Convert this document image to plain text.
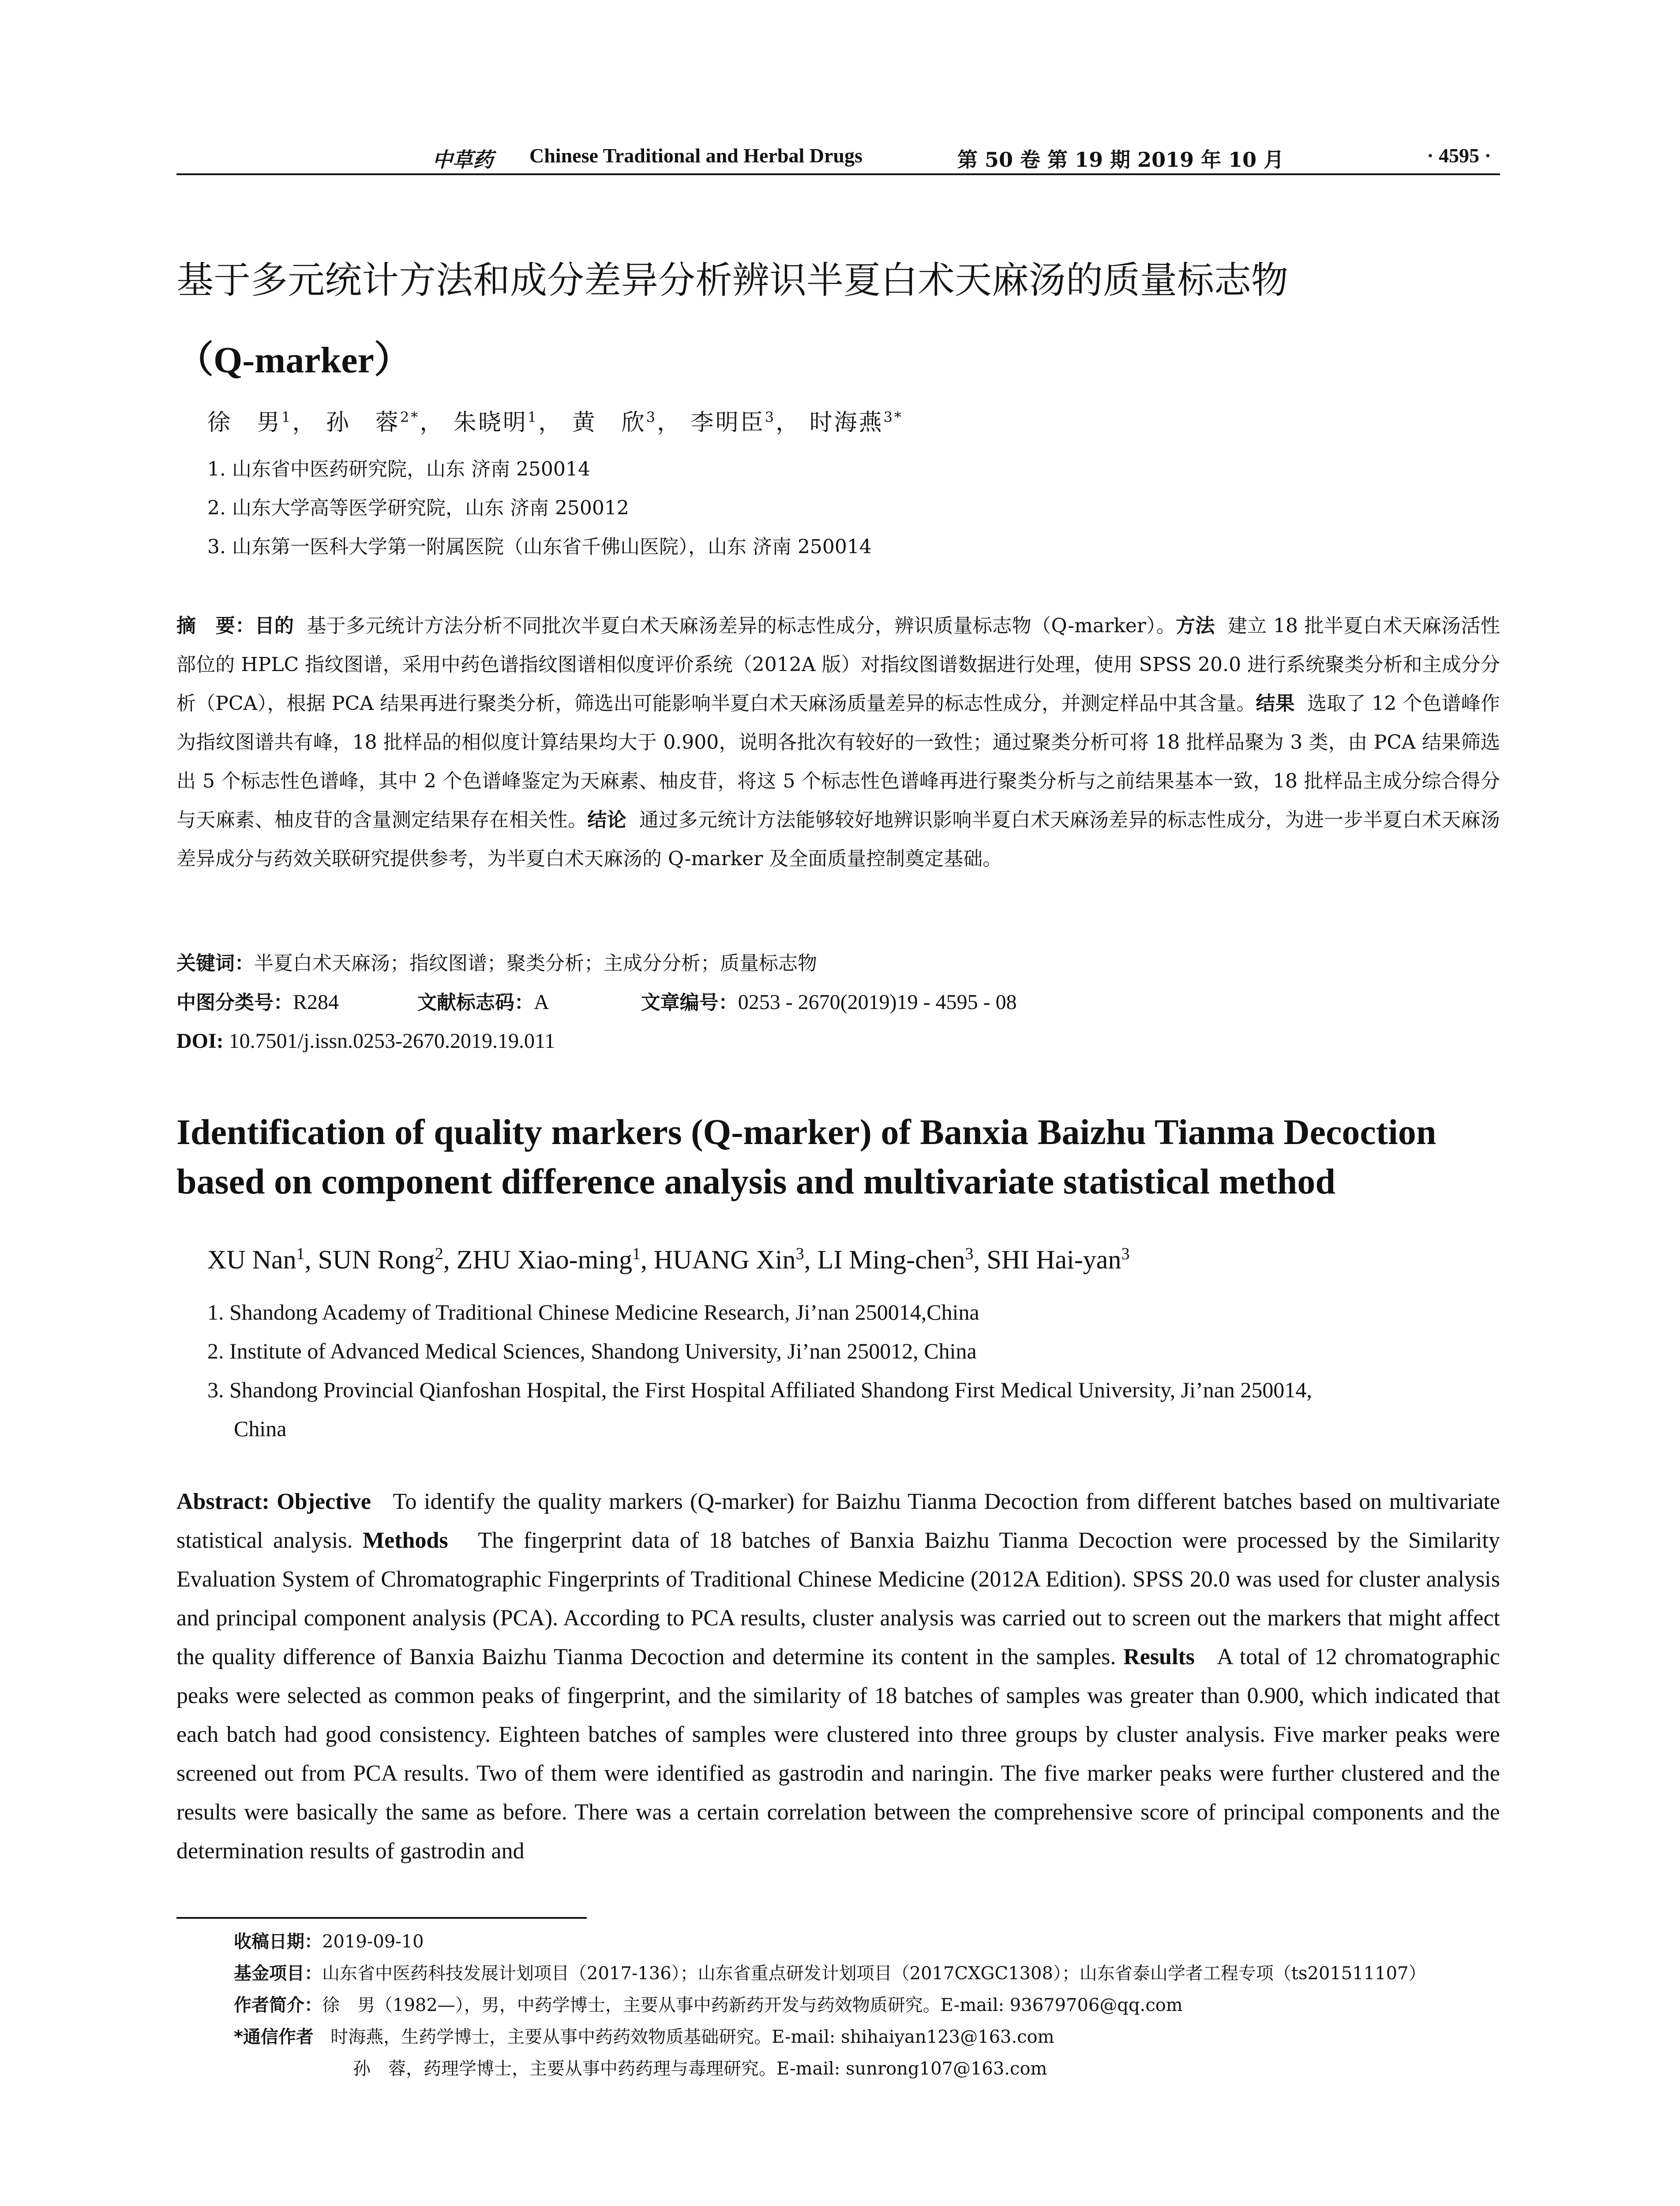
中草药 Chinese Traditional and Herbal Drugs	第 50 卷 第 19 期 2019 年 10 月	· 4595 ·
基于多元统计方法和成分差异分析辨识半夏白术天麻汤的质量标志物
（Q-marker）
徐　男$^1$， 孙　蓉$^{2*}$， 朱晓明$^1$， 黄　欣$^3$， 李明臣$^3$， 时海燕$^{3*}$
1. 山东省中医药研究院，山东 济南 250014
2. 山东大学高等医学研究院，山东 济南 250012
3. 山东第一医科大学第一附属医院（山东省千佛山医院），山东 济南 250014

摘　要：目的 基于多元统计方法分析不同批次半夏白术天麻汤差异的标志性成分，辨识质量标志物（Q-marker）。方法 建立 18 批半夏白术天麻汤活性部位的 HPLC 指纹图谱，采用中药色谱指纹图谱相似度评价系统（2012A 版）对指纹图谱数据进行处理，使用 SPSS 20.0 进行系统聚类分析和主成分分析（PCA），根据 PCA 结果再进行聚类分析，筛选出可能影响半夏白术天麻汤质量差异的标志性成分，并测定样品中其含量。结果 选取了 12 个色谱峰作为指纹图谱共有峰，18 批样品的相似度计算结果均大于 0.900，说明各批次有较好的一致性；通过聚类分析可将 18 批样品聚为 3 类，由 PCA 结果筛选出 5 个标志性色谱峰，其中 2 个色谱峰鉴定为天麻素、柚皮苷，将这 5 个标志性色谱峰再进行聚类分析与之前结果基本一致，18 批样品主成分综合得分与天麻素、柚皮苷的含量测定结果存在相关性。结论 通过多元统计方法能够较好地辨识影响半夏白术天麻汤差异的标志性成分，为进一步半夏白术天麻汤差异成分与药效关联研究提供参考，为半夏白术天麻汤的 Q-marker 及全面质量控制奠定基础。

关键词：半夏白术天麻汤；指纹图谱；聚类分析；主成分分析；质量标志物
中图分类号：R284	文献标志码：A	文章编号：0253 - 2670(2019)19 - 4595 - 08
DOI: 10.7501/j.issn.0253-2670.2019.19.011
Identification of quality markers (Q-marker) of Banxia Baizhu Tianma Decoction
based on component difference analysis and multivariate statistical method
XU Nan$^1$, SUN Rong$^2$, ZHU Xiao-ming$^1$, HUANG Xin$^3$, LI Ming-chen$^3$, SHI Hai-yan$^3$
1. Shandong Academy of Traditional Chinese Medicine Research, Ji’nan 250014,China
2. Institute of Advanced Medical Sciences, Shandong University, Ji’nan 250012, China
3. Shandong Provincial Qianfoshan Hospital, the First Hospital Affiliated Shandong First Medical University, Ji’nan 250014,
China

Abstract: Objective To identify the quality markers (Q-marker) for Baizhu Tianma Decoction from different batches based on multivariate statistical analysis. Methods The fingerprint data of 18 batches of Banxia Baizhu Tianma Decoction were processed by the Similarity Evaluation System of Chromatographic Fingerprints of Traditional Chinese Medicine (2012A Edition). SPSS 20.0 was used for cluster analysis and principal component analysis (PCA). According to PCA results, cluster analysis was carried out to screen out the markers that might affect the quality difference of Banxia Baizhu Tianma Decoction and determine its content in the samples. Results A total of 12 chromatographic peaks were selected as common peaks of fingerprint, and the similarity of 18 batches of samples was greater than 0.900, which indicated that each batch had good consistency. Eighteen batches of samples were clustered into three groups by cluster analysis. Five marker peaks were screened out from PCA results. Two of them were identified as gastrodin and naringin. The five marker peaks were further clustered and the results were basically the same as before. There was a certain correlation between the comprehensive score of principal components and the determination results of gastrodin and

收稿日期：2019-09-10
基金项目：山东省中医药科技发展计划项目（2017-136）；山东省重点研发计划项目（2017CXGC1308）；山东省泰山学者工程专项（ts201511107）
作者简介：徐　男（1982—），男，中药学博士，主要从事中药新药开发与药效物质研究。E-mail: 93679706@qq.com
*通信作者 时海燕，生药学博士，主要从事中药药效物质基础研究。E-mail: shihaiyan123@163.com
孙　蓉，药理学博士，主要从事中药药理与毒理研究。E-mail: sunrong107@163.com
